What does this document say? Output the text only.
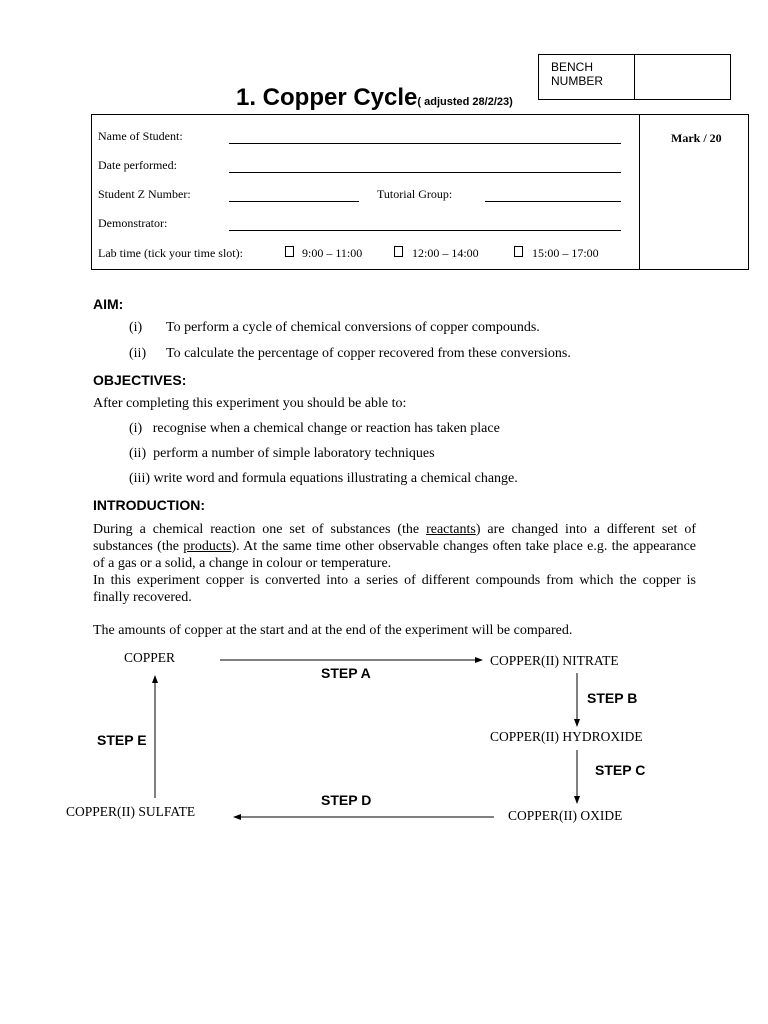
BENCH
NUMBER
1. Copper Cycle( adjusted 28/2/23)
Name of Student:
Date performed:
Student Z Number:	Tutorial Group:
Demonstrator:
Lab time (tick your time slot):	9:00 – 11:00	12:00 – 14:00	15:00 – 17:00
Mark / 20
AIM:
(i) To perform a cycle of chemical conversions of copper compounds.
(ii) To calculate the percentage of copper recovered from these conversions.
OBJECTIVES:
After completing this experiment you should be able to:
(i)   recognise when a chemical change or reaction has taken place
(ii)  perform a number of simple laboratory techniques
(iii) write word and formula equations illustrating a chemical change.
INTRODUCTION:
During a chemical reaction one set of substances (the reactants) are changed into a different set of substances (the products). At the same time other observable changes often take place e.g. the appearance of a gas or a solid, a change in colour or temperature.
In this experiment copper is converted into a series of different compounds from which the copper is finally recovered.
The amounts of copper at the start and at the end of the experiment will be compared.
COPPER	COPPER(II) NITRATE
COPPER(II) HYDROXIDE
COPPER(II) OXIDE
COPPER(II) SULFATE
STEP A
STEP B
STEP C
STEP D
STEP E
